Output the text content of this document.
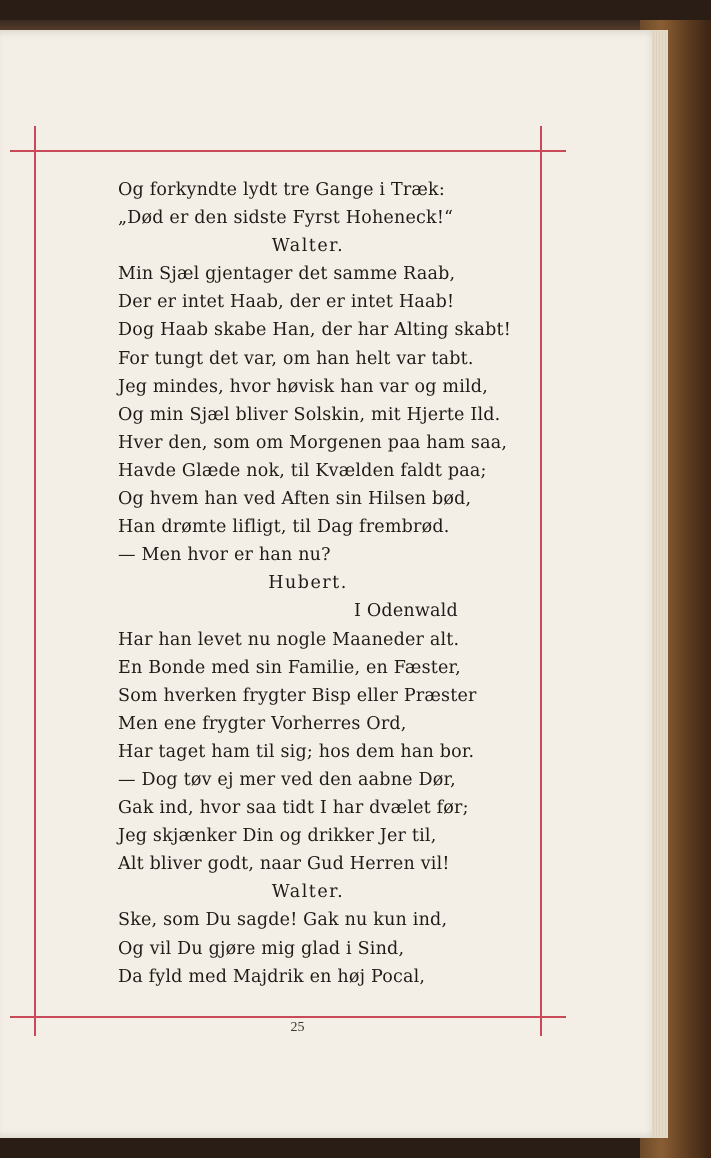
Og forkyndte lydt tre Gange i Træk:
„Død er den sidste Fyrst Hoheneck!“
Walter.
Min Sjæl gjentager det samme Raab,
Der er intet Haab, der er intet Haab!
Dog Haab skabe Han, der har Alting skabt!
For tungt det var, om han helt var tabt.
Jeg mindes, hvor høvisk han var og mild,
Og min Sjæl bliver Solskin, mit Hjerte Ild.
Hver den, som om Morgenen paa ham saa,
Havde Glæde nok, til Kvælden faldt paa;
Og hvem han ved Aften sin Hilsen bød,
Han drømte lifligt, til Dag frembrød.
— Men hvor er han nu?
Hubert.
I Odenwald
Har han levet nu nogle Maaneder alt.
En Bonde med sin Familie, en Fæster,
Som hverken frygter Bisp eller Præster
Men ene frygter Vorherres Ord,
Har taget ham til sig; hos dem han bor.
— Dog tøv ej mer ved den aabne Dør,
Gak ind, hvor saa tidt I har dvælet før;
Jeg skjænker Din og drikker Jer til,
Alt bliver godt, naar Gud Herren vil!
Walter.
Ske, som Du sagde! Gak nu kun ind,
Og vil Du gjøre mig glad i Sind,
Da fyld med Majdrik en høj Pocal,
25
